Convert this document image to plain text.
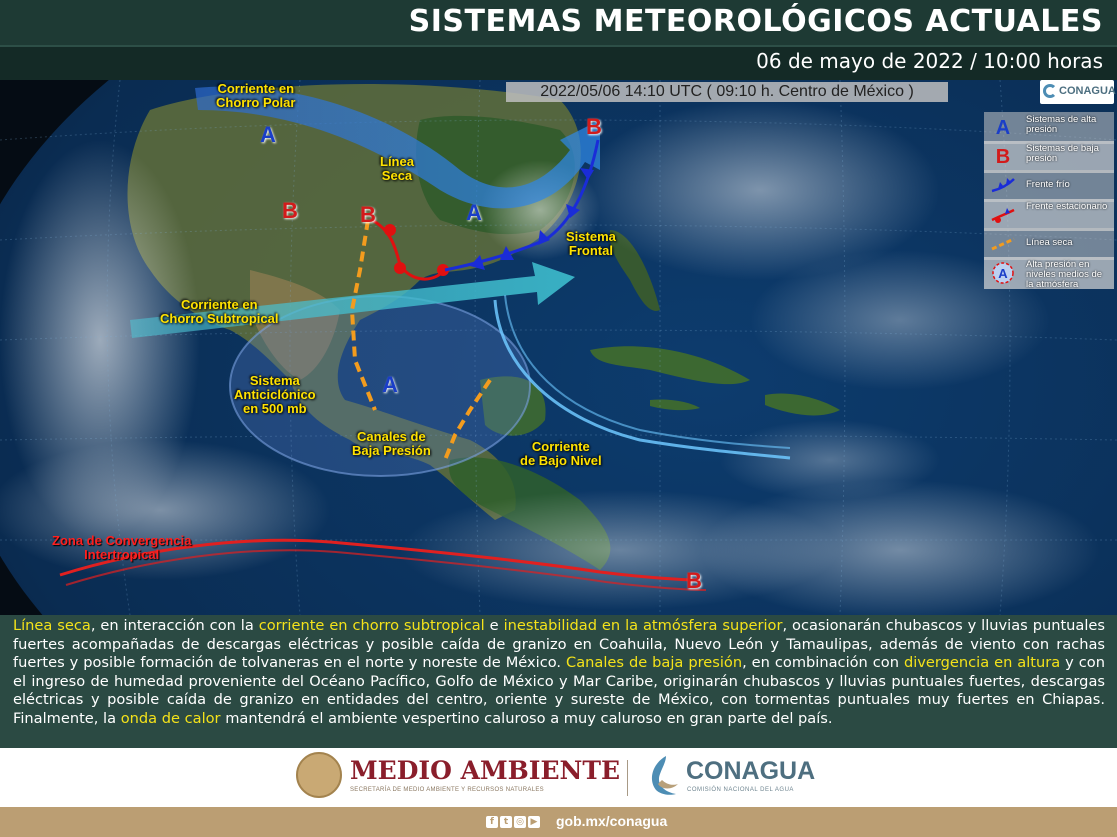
SISTEMAS METEOROLÓGICOS ACTUALES
06 de mayo de 2022 / 10:00 horas
Corriente en
Chorro Polar
Línea
Seca
Sistema
Frontal
Corriente en
Chorro Subtropical
Sistema
Anticiclónico
en 500 mb
Canales de
Baja Presión	Corriente
de Bajo Nivel
Zona de Convergencia
Intertropical
A
A
A
B	B
B
B
2022/05/06 14:10 UTC ( 09:10 h. Centro de México )	CONAGUA
A	Sistemas de alta presión
B	Sistemas de baja presión
Frente frío
Frente estacionario
Línea seca
A
Alta presión en niveles medios de la atmósfera

Línea seca, en interacción con la corriente en chorro subtropical e inestabilidad en la atmósfera superior, ocasionarán chubascos y lluvias puntuales fuertes acompañadas de descargas eléctricas y posible caída de granizo en Coahuila, Nuevo León y Tamaulipas, además de viento con rachas fuertes y posible formación de tolvaneras en el norte y noreste de México. Canales de baja presión, en combinación con divergencia en altura y con el ingreso de humedad proveniente del Océano Pacífico, Golfo de México y Mar Caribe, originarán chubascos y lluvias puntuales fuertes, descargas eléctricas y posible caída de granizo en entidades del centro, oriente y sureste de México, con tormentas puntuales muy fuertes en Chiapas. Finalmente, la onda de calor mantendrá el ambiente vespertino caluroso a muy caluroso en gran parte del país.

MEDIO AMBIENTE
SECRETARÍA DE MEDIO AMBIENTE Y RECURSOS NATURALES
CONAGUA
COMISIÓN NACIONAL DEL AGUA
f t ◎ ▶	gob.mx/conagua
